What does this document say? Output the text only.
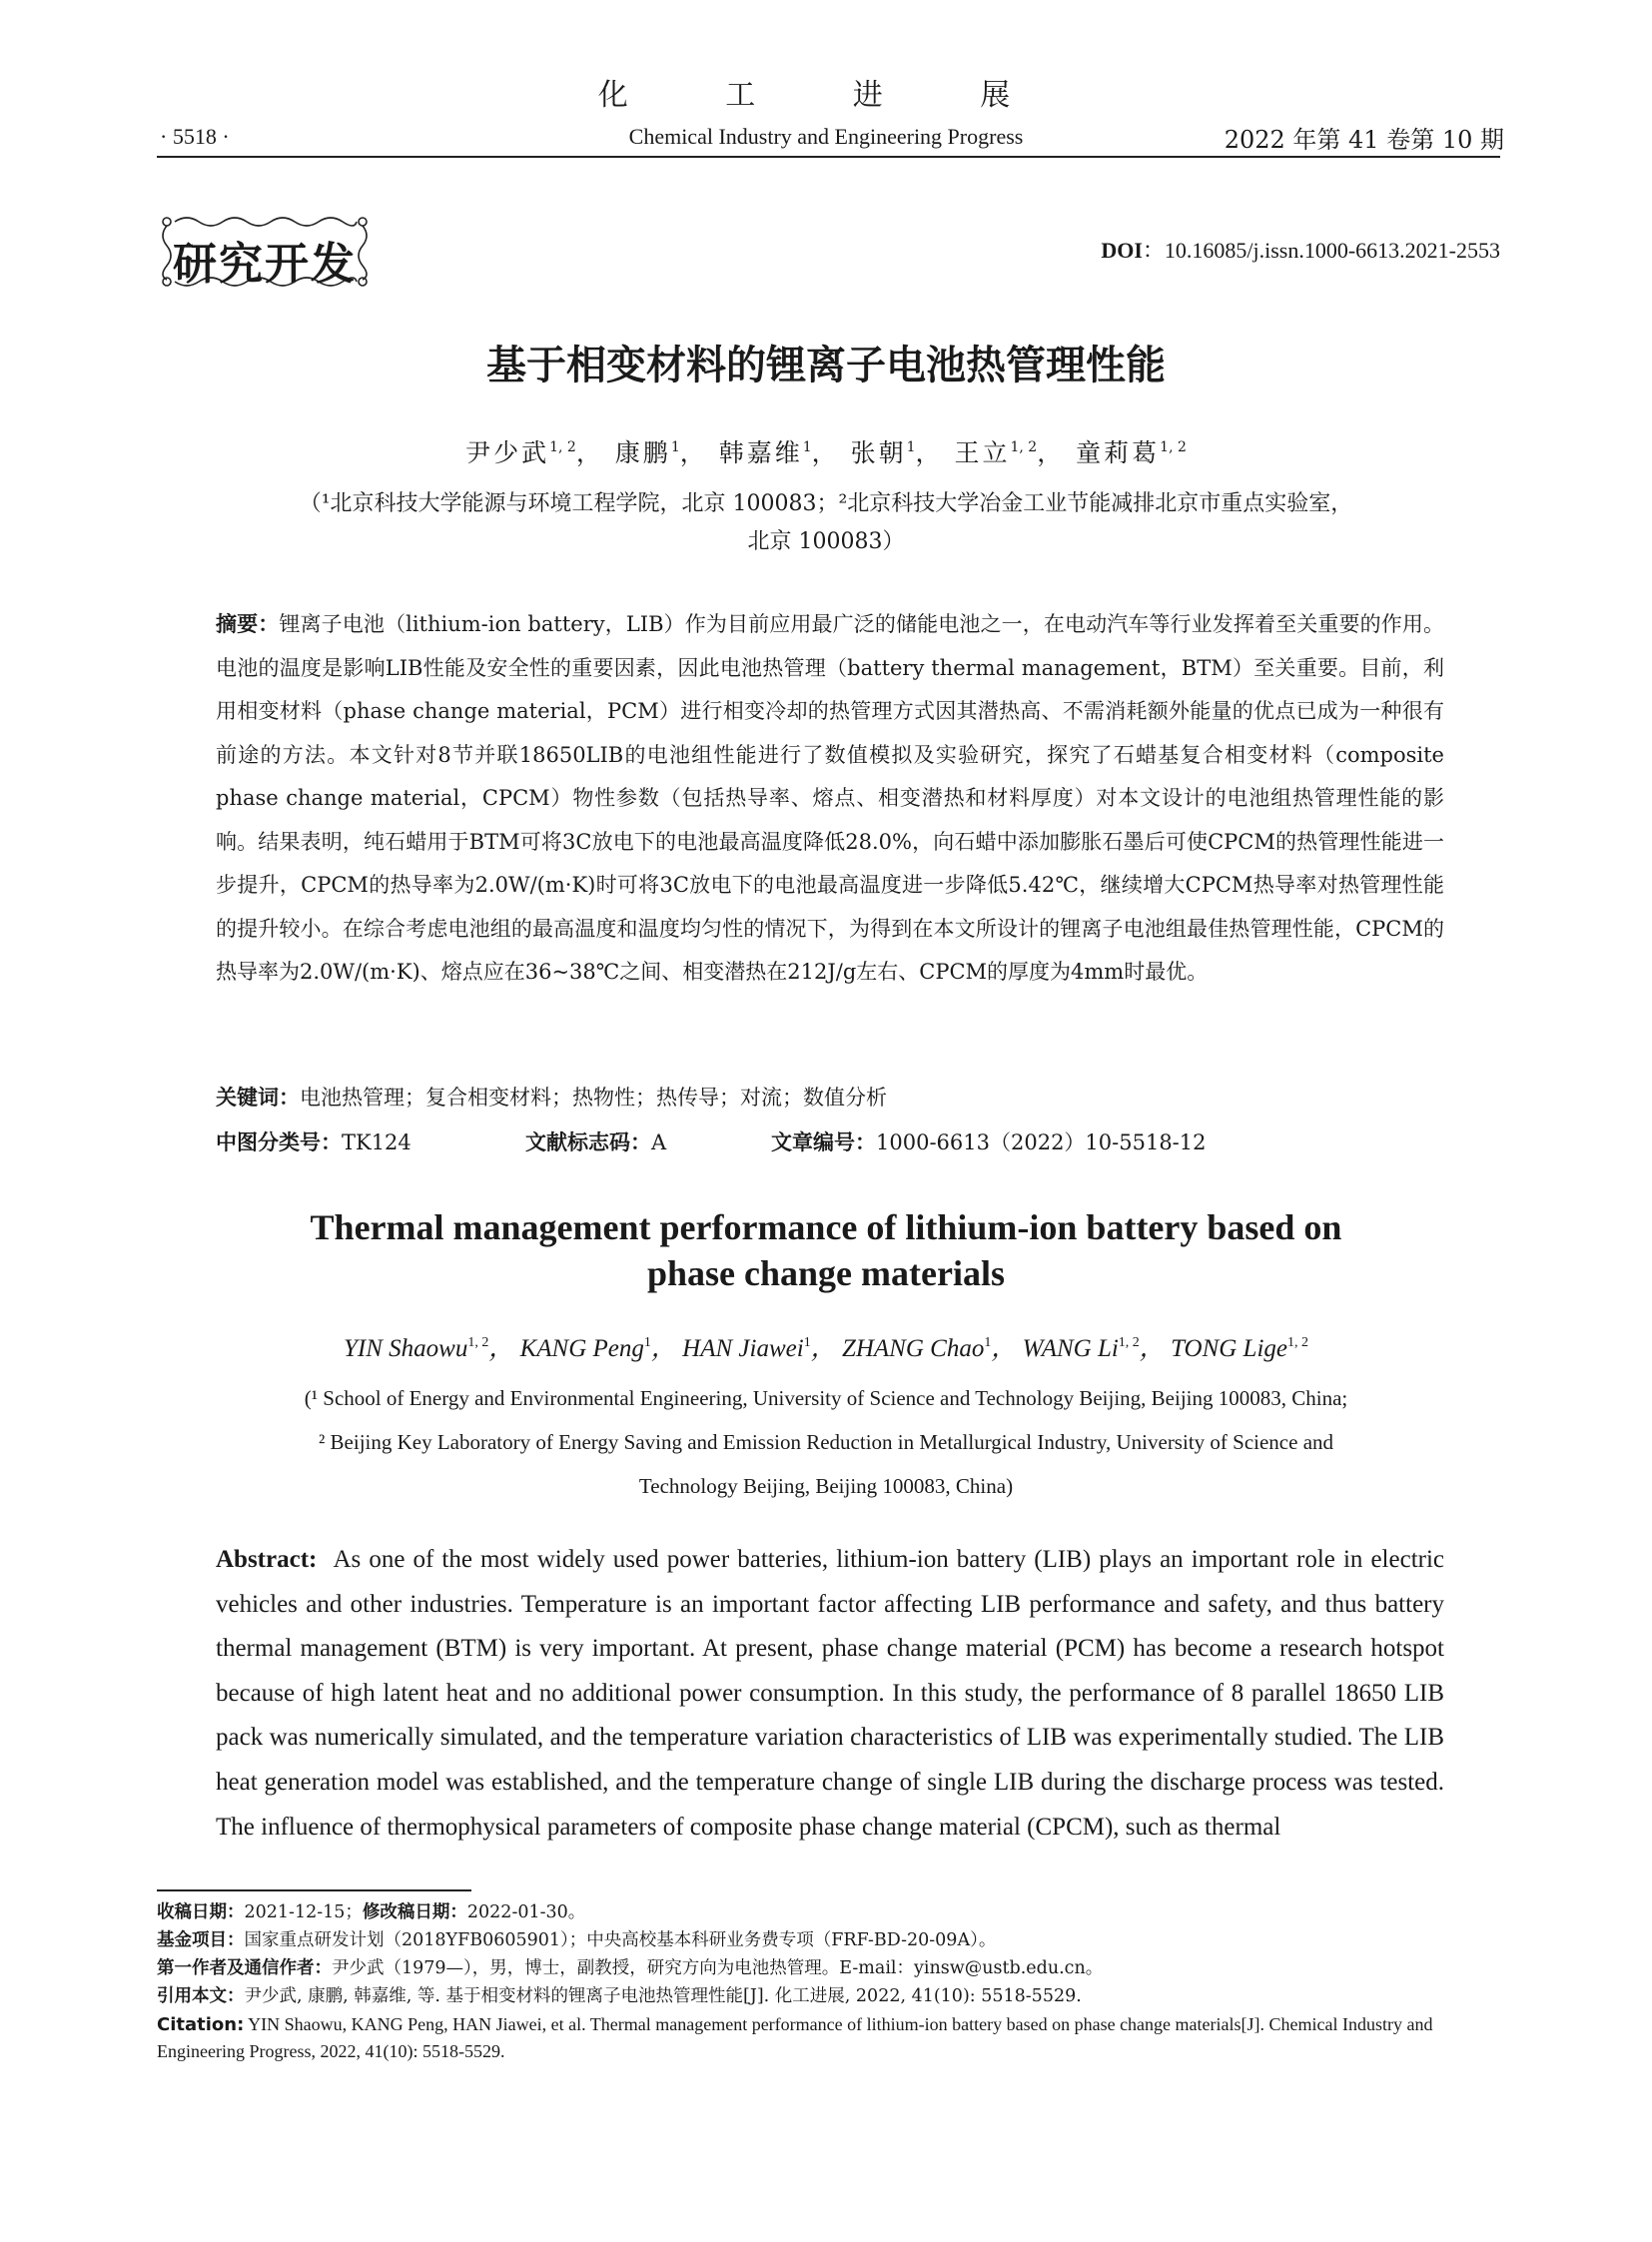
化 工 进 展
· 5518 ·	Chemical Industry and Engineering Progress	2022 年第 41 卷第 10 期
研究开发	DOI：10.16085/j.issn.1000-6613.2021-2553
基于相变材料的锂离子电池热管理性能
尹少武$^{1, 2}$， 康鹏$^1$， 韩嘉维$^1$， 张朝$^1$， 王立$^{1, 2}$， 童莉葛$^{1, 2}$
（¹北京科技大学能源与环境工程学院，北京 100083；²北京科技大学冶金工业节能减排北京市重点实验室，
北京 100083）
摘要：锂离子电池（lithium-ion battery，LIB）作为目前应用最广泛的储能电池之一，在电动汽车等行业发挥着至关重要的作用。电池的温度是影响LIB性能及安全性的重要因素，因此电池热管理（battery thermal management，BTM）至关重要。目前，利用相变材料（phase change material，PCM）进行相变冷却的热管理方式因其潜热高、不需消耗额外能量的优点已成为一种很有前途的方法。本文针对8节并联18650LIB的电池组性能进行了数值模拟及实验研究，探究了石蜡基复合相变材料（composite phase change material，CPCM）物性参数（包括热导率、熔点、相变潜热和材料厚度）对本文设计的电池组热管理性能的影响。结果表明，纯石蜡用于BTM可将3C放电下的电池最高温度降低28.0%，向石蜡中添加膨胀石墨后可使CPCM的热管理性能进一步提升，CPCM的热导率为2.0W/(m·K)时可将3C放电下的电池最高温度进一步降低5.42℃，继续增大CPCM热导率对热管理性能的提升较小。在综合考虑电池组的最高温度和温度均匀性的情况下，为得到在本文所设计的锂离子电池组最佳热管理性能，CPCM的热导率为2.0W/(m·K)、熔点应在36~38℃之间、相变潜热在212J/g左右、CPCM的厚度为4mm时最优。
关键词：电池热管理；复合相变材料；热物性；热传导；对流；数值分析
中图分类号：TK124	文献标志码：A	文章编号：1000-6613（2022）10-5518-12
Thermal management performance of lithium-ion battery based on
phase change materials
YIN Shaowu$^{1, 2}$， KANG Peng$^1$， HAN Jiawei$^1$， ZHANG Chao$^1$， WANG Li$^{1, 2}$， TONG Lige$^{1, 2}$
(¹ School of Energy and Environmental Engineering, University of Science and Technology Beijing, Beijing 100083, China;
² Beijing Key Laboratory of Energy Saving and Emission Reduction in Metallurgical Industry, University of Science and
Technology Beijing, Beijing 100083, China)
Abstract: As one of the most widely used power batteries, lithium-ion battery (LIB) plays an important role in electric vehicles and other industries. Temperature is an important factor affecting LIB performance and safety, and thus battery thermal management (BTM) is very important. At present, phase change material (PCM) has become a research hotspot because of high latent heat and no additional power consumption. In this study, the performance of 8 parallel 18650 LIB pack was numerically simulated, and the temperature variation characteristics of LIB was experimentally studied. The LIB heat generation model was established, and the temperature change of single LIB during the discharge process was tested. The influence of thermophysical parameters of composite phase change material (CPCM), such as thermal
收稿日期：2021-12-15；修改稿日期：2022-01-30。
基金项目：国家重点研发计划（2018YFB0605901）；中央高校基本科研业务费专项（FRF-BD-20-09A）。
第一作者及通信作者：尹少武（1979—），男，博士，副教授，研究方向为电池热管理。E-mail：yinsw@ustb.edu.cn。
引用本文：尹少武, 康鹏, 韩嘉维, 等. 基于相变材料的锂离子电池热管理性能[J]. 化工进展, 2022, 41(10): 5518-5529.
Citation: YIN Shaowu, KANG Peng, HAN Jiawei, et al. Thermal management performance of lithium-ion battery based on phase change materials[J]. Chemical Industry and Engineering Progress, 2022, 41(10): 5518-5529.
